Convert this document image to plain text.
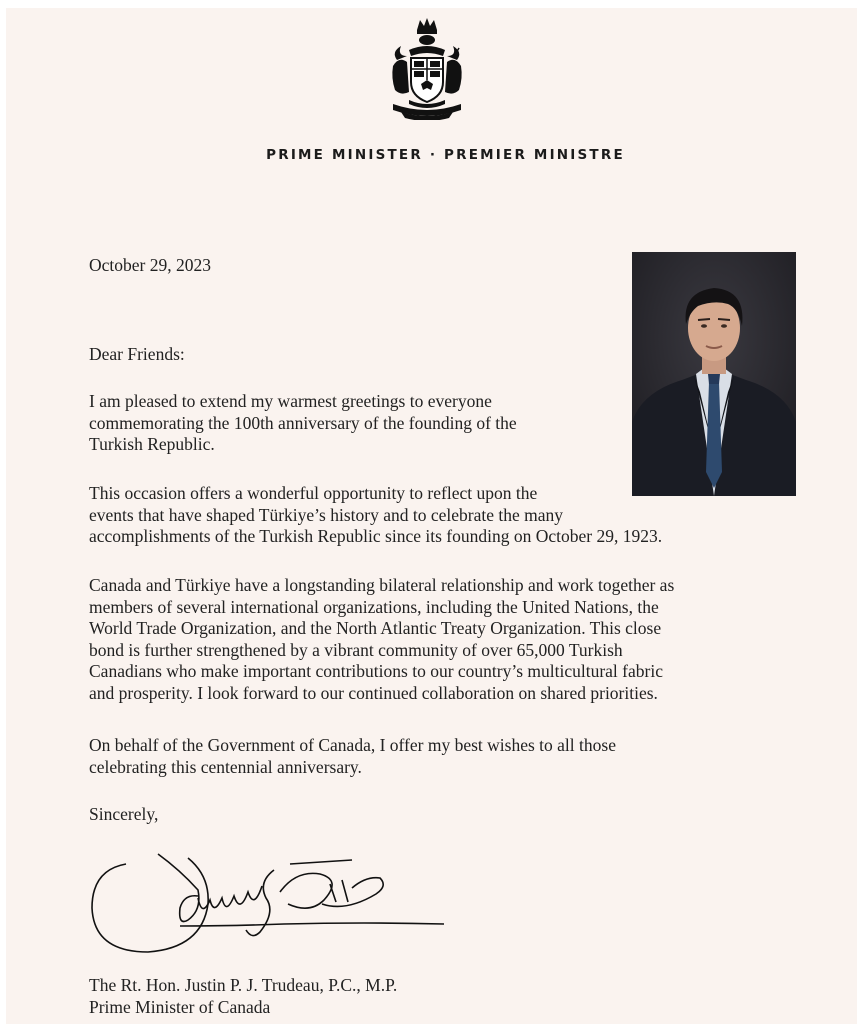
PRIME MINISTER · PREMIER MINISTRE
October 29, 2023
Dear Friends:

I am pleased to extend my warmest greetings to everyone
commemorating the 100th anniversary of the founding of the
Turkish Republic.

This occasion offers a wonderful opportunity to reflect upon the
events that have shaped Türkiye’s history and to celebrate the many
accomplishments of the Turkish Republic since its founding on October 29, 1923.

Canada and Türkiye have a longstanding bilateral relationship and work together as
members of several international organizations, including the United Nations, the
World Trade Organization, and the North Atlantic Treaty Organization. This close
bond is further strengthened by a vibrant community of over 65,000 Turkish
Canadians who make important contributions to our country’s multicultural fabric
and prosperity. I look forward to our continued collaboration on shared priorities.

On behalf of the Government of Canada, I offer my best wishes to all those
celebrating this centennial anniversary.

Sincerely,
The Rt. Hon. Justin P. J. Trudeau, P.C., M.P.
Prime Minister of Canada
